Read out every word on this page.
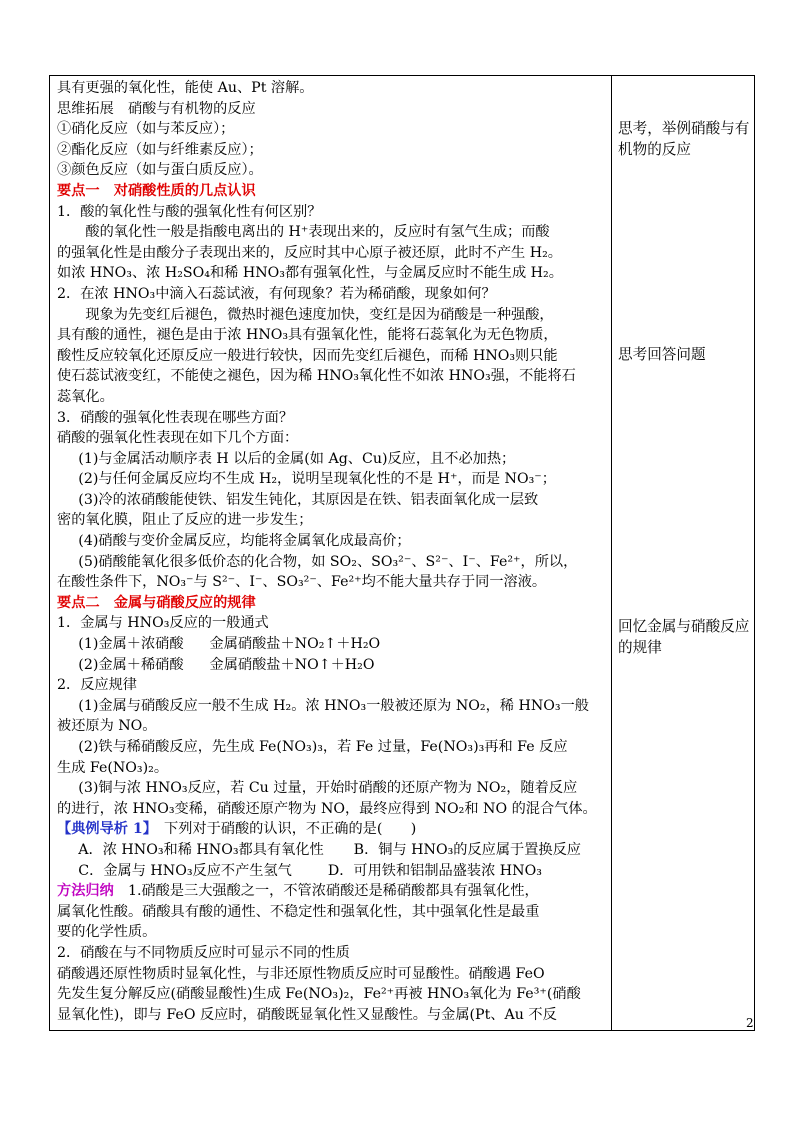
具有更强的氧化性，能使 Au、Pt 溶解。

思维拓展　硝酸与有机物的反应

①硝化反应（如与苯反应）；

②酯化反应（如与纤维素反应）；

③颜色反应（如与蛋白质反应）。

要点一　对硝酸性质的几点认识

1．酸的氧化性与酸的强氧化性有何区别？

酸的氧化性一般是指酸电离出的 H⁺表现出来的，反应时有氢气生成；而酸

的强氧化性是由酸分子表现出来的，反应时其中心原子被还原，此时不产生 H₂。

如浓 HNO₃、浓 H₂SO₄和稀 HNO₃都有强氧化性，与金属反应时不能生成 H₂。

2．在浓 HNO₃中滴入石蕊试液，有何现象？若为稀硝酸，现象如何？

现象为先变红后褪色，微热时褪色速度加快，变红是因为硝酸是一种强酸，

具有酸的通性，褪色是由于浓 HNO₃具有强氧化性，能将石蕊氧化为无色物质，

酸性反应较氧化还原反应一般进行较快，因而先变红后褪色，而稀 HNO₃则只能

使石蕊试液变红，不能使之褪色，因为稀 HNO₃氧化性不如浓 HNO₃强，不能将石

蕊氧化。

3．硝酸的强氧化性表现在哪些方面？

硝酸的强氧化性表现在如下几个方面：

(1)与金属活动顺序表 H 以后的金属(如 Ag、Cu)反应，且不必加热；

(2)与任何金属反应均不生成 H₂，说明呈现氧化性的不是 H⁺，而是 NO₃⁻；

(3)冷的浓硝酸能使铁、铝发生钝化，其原因是在铁、铝表面氧化成一层致

密的氧化膜，阻止了反应的进一步发生；

(4)硝酸与变价金属反应，均能将金属氧化成最高价；

(5)硝酸能氧化很多低价态的化合物，如 SO₂、SO₃²⁻、S²⁻、I⁻、Fe²⁺，所以，

在酸性条件下，NO₃⁻与 S²⁻、I⁻、SO₃²⁻、Fe²⁺均不能大量共存于同一溶液。

要点二　金属与硝酸反应的规律

1．金属与 HNO₃反应的一般通式

(1)金属＋浓硝酸 金属硝酸盐＋NO₂↑＋H₂O

(2)金属＋稀硝酸 金属硝酸盐＋NO↑＋H₂O

2．反应规律

(1)金属与硝酸反应一般不生成 H₂。浓 HNO₃一般被还原为 NO₂，稀 HNO₃一般

被还原为 NO。

(2)铁与稀硝酸反应，先生成 Fe(NO₃)₃，若 Fe 过量，Fe(NO₃)₃再和 Fe 反应

生成 Fe(NO₃)₂。

(3)铜与浓 HNO₃反应，若 Cu 过量，开始时硝酸的还原产物为 NO₂，随着反应

的进行，浓 HNO₃变稀，硝酸还原产物为 NO，最终应得到 NO₂和 NO 的混合气体。

【典例导析 1】　下列对于硝酸的认识，不正确的是(　　)

A．浓 HNO₃和稀 HNO₃都具有氧化性 B．铜与 HNO₃的反应属于置换反应

C．金属与 HNO₃反应不产生氢气	D．可用铁和铝制品盛装浓 HNO₃

方法归纳　1.硝酸是三大强酸之一，不管浓硝酸还是稀硝酸都具有强氧化性，

属氧化性酸。硝酸具有酸的通性、不稳定性和强氧化性，其中强氧化性是最重

要的化学性质。

2．硝酸在与不同物质反应时可显示不同的性质

硝酸遇还原性物质时显氧化性，与非还原性物质反应时可显酸性。硝酸遇 FeO

先发生复分解反应(硝酸显酸性)生成 Fe(NO₃)₂，Fe²⁺再被 HNO₃氧化为 Fe³⁺(硝酸

显氧化性)，即与 FeO 反应时，硝酸既显氧化性又显酸性。与金属(Pt、Au 不反

思考，举例硝酸与有机物的反应
思考回答问题
回忆金属与硝酸反应的规律
2
